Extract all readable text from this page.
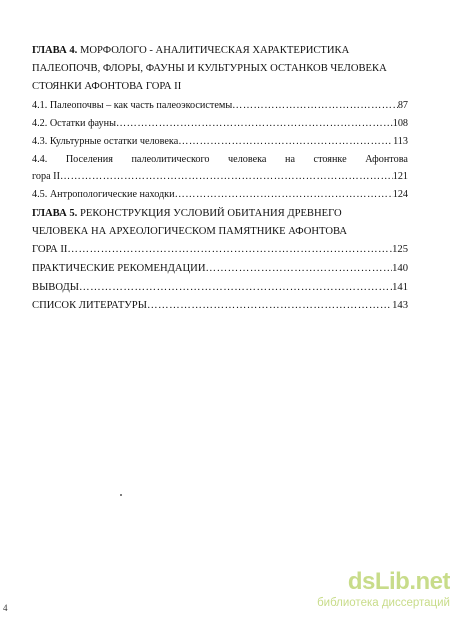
ГЛАВА 4. МОРФОЛОГО - АНАЛИТИЧЕСКАЯ ХАРАКТЕРИСТИКА
ПАЛЕОПОЧВ, ФЛОРЫ, ФАУНЫ И КУЛЬТУРНЫХ ОСТАНКОВ ЧЕЛОВЕКА
СТОЯНКИ АФОНТОВА ГОРА II
4.1. Палеопочвы – как часть палеоэкосистемы …………………………………………………………………………………………………………………………………………………………	87
4.2. Остатки фауны …………………………………………………………………………………………………………………………………………………………	108
4.3. Культурные остатки человека …………………………………………………………………………………………………………………………………………………………	113
4.4. Поселения палеолитического человека на стоянке Афонтова
гора II …………………………………………………………………………………………………………………………………………………………	121
4.5. Антропологические находки …………………………………………………………………………………………………………………………………………………………	124
ГЛАВА 5. РЕКОНСТРУКЦИЯ УСЛОВИЙ ОБИТАНИЯ ДРЕВНЕГО
ЧЕЛОВЕКА НА АРХЕОЛОГИЧЕСКОМ ПАМЯТНИКЕ АФОНТОВА
ГОРА II …………………………………………………………………………………………………………………………………………………………	125
ПРАКТИЧЕСКИЕ РЕКОМЕНДАЦИИ …………………………………………………………………………………………………………………………………………………………	140
ВЫВОДЫ …………………………………………………………………………………………………………………………………………………………	141
СПИСОК ЛИТЕРАТУРЫ …………………………………………………………………………………………………………………………………………………………	143
4
dsLib.net
библиотека диссертаций
